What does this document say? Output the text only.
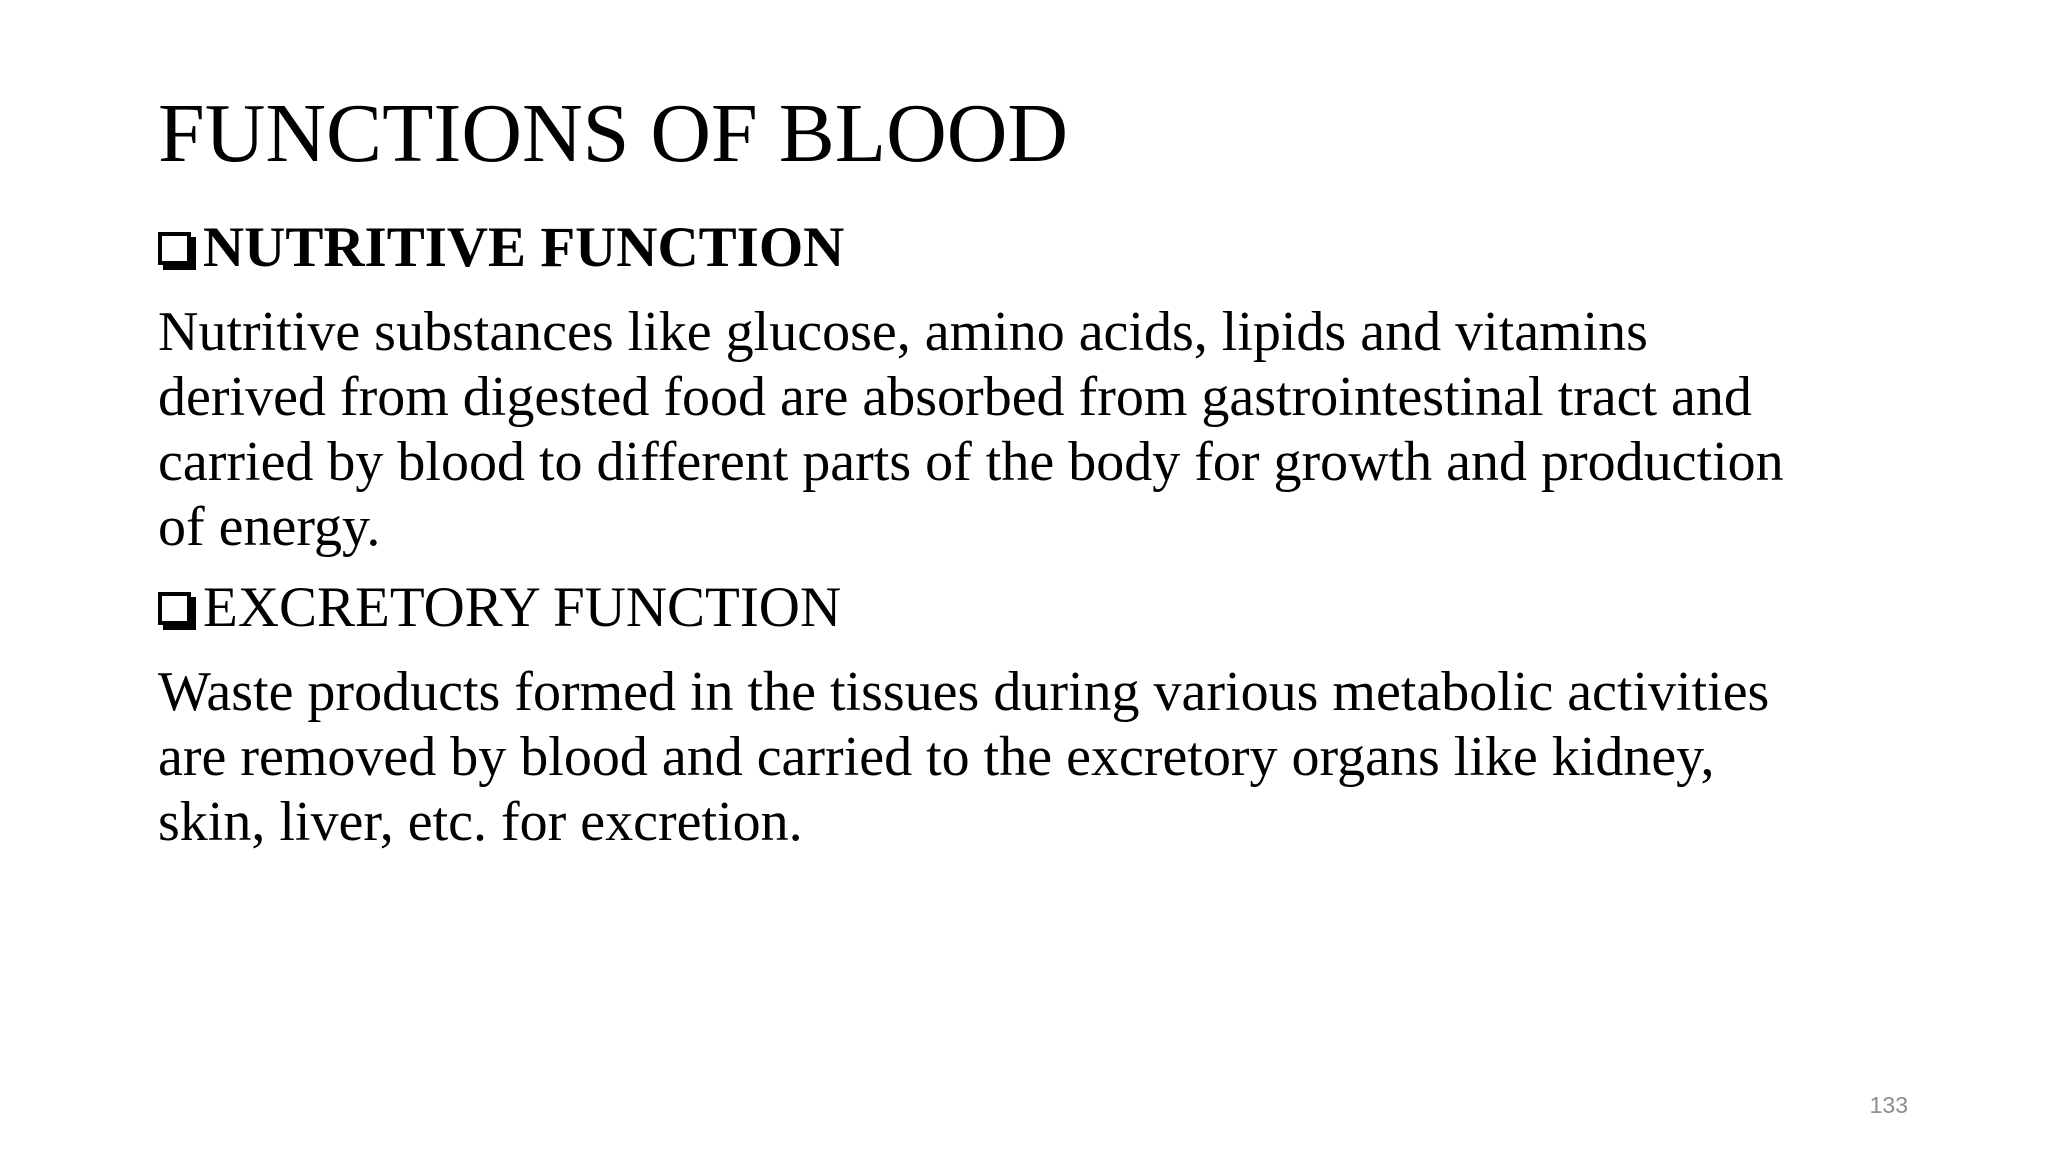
FUNCTIONS OF BLOOD
NUTRITIVE FUNCTION

Nutritive substances like glucose, amino acids, lipids and vitamins
derived from digested food are absorbed from gastrointestinal tract and
carried by blood to different parts of the body for growth and production
of energy.

EXCRETORY FUNCTION

Waste products formed in the tissues during various metabolic activities
are removed by blood and carried to the excretory organs like kidney,
skin, liver, etc. for excretion.

133
